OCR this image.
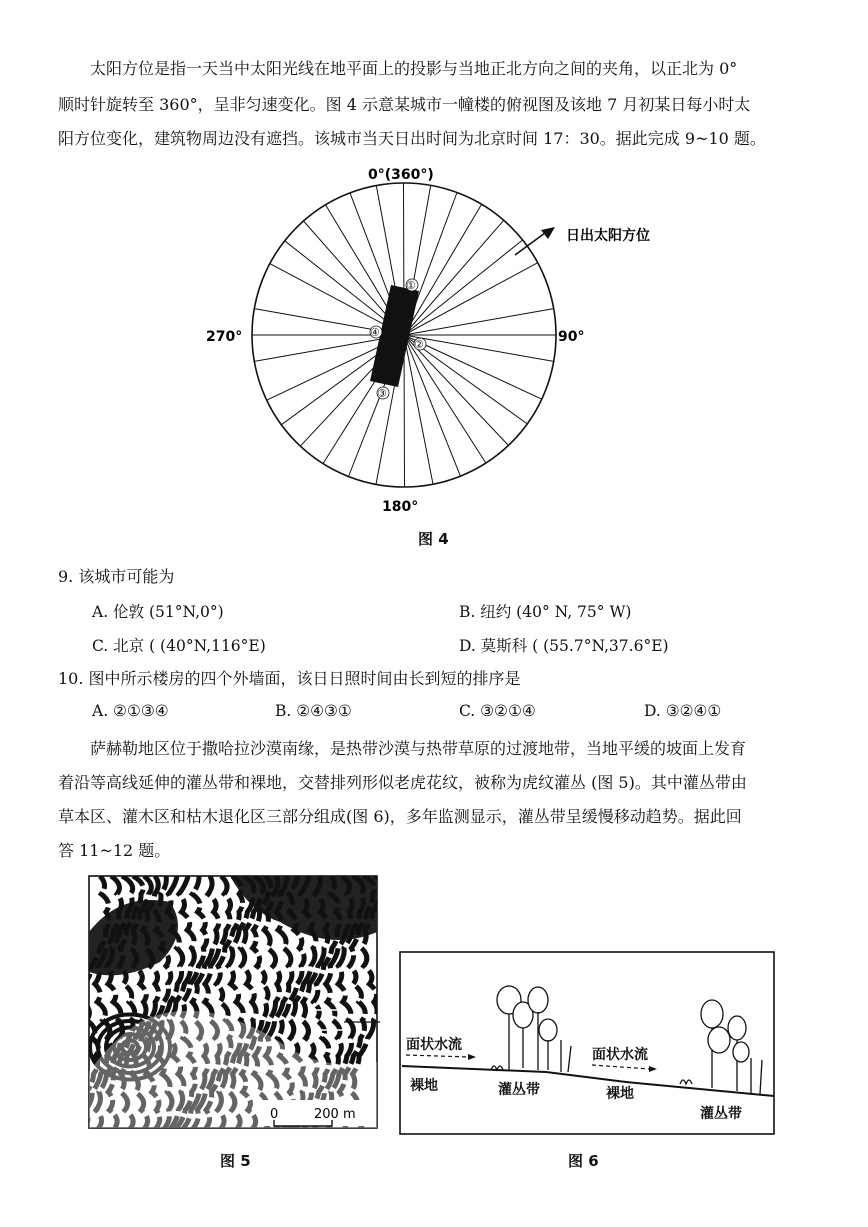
太阳方位是指一天当中太阳光线在地平面上的投影与当地正北方向之间的夹角，以正北为 0°
顺时针旋转至 360°，呈非匀速变化。图 4 示意某城市一幢楼的俯视图及该地 7 月初某日每小时太
阳方位变化，建筑物周边没有遮挡。该城市当天日出时间为北京时间 17：30。据此完成 9~10 题。
①
②
③
④
0°(360°)
90°
180°
270°
日出太阳方位
图 4
9. 该城市可能为
A. 伦敦 (51°N,0°)	B. 纽约 (40° N, 75° W)
C. 北京 ( (40°N,116°E)	D. 莫斯科 ( (55.7°N,37.6°E)
10. 图中所示楼房的四个外墙面，该日日照时间由长到短的排序是
A. ②①③④	B. ②④③①	C. ③②①④	D. ③②④①
萨赫勒地区位于撒哈拉沙漠南缘，是热带沙漠与热带草原的过渡地带，当地平缓的坡面上发育
着沿等高线延伸的灌丛带和裸地，交替排列形似老虎花纹，被称为虎纹灌丛 (图 5)。其中灌丛带由
草本区、灌木区和枯木退化区三部分组成(图 6)，多年监测显示，灌丛带呈缓慢移动趋势。据此回
答 11~12 题。
0	200 m
图 5
面状水流
面状水流
裸地	灌丛带	裸地
灌丛带
图 6
